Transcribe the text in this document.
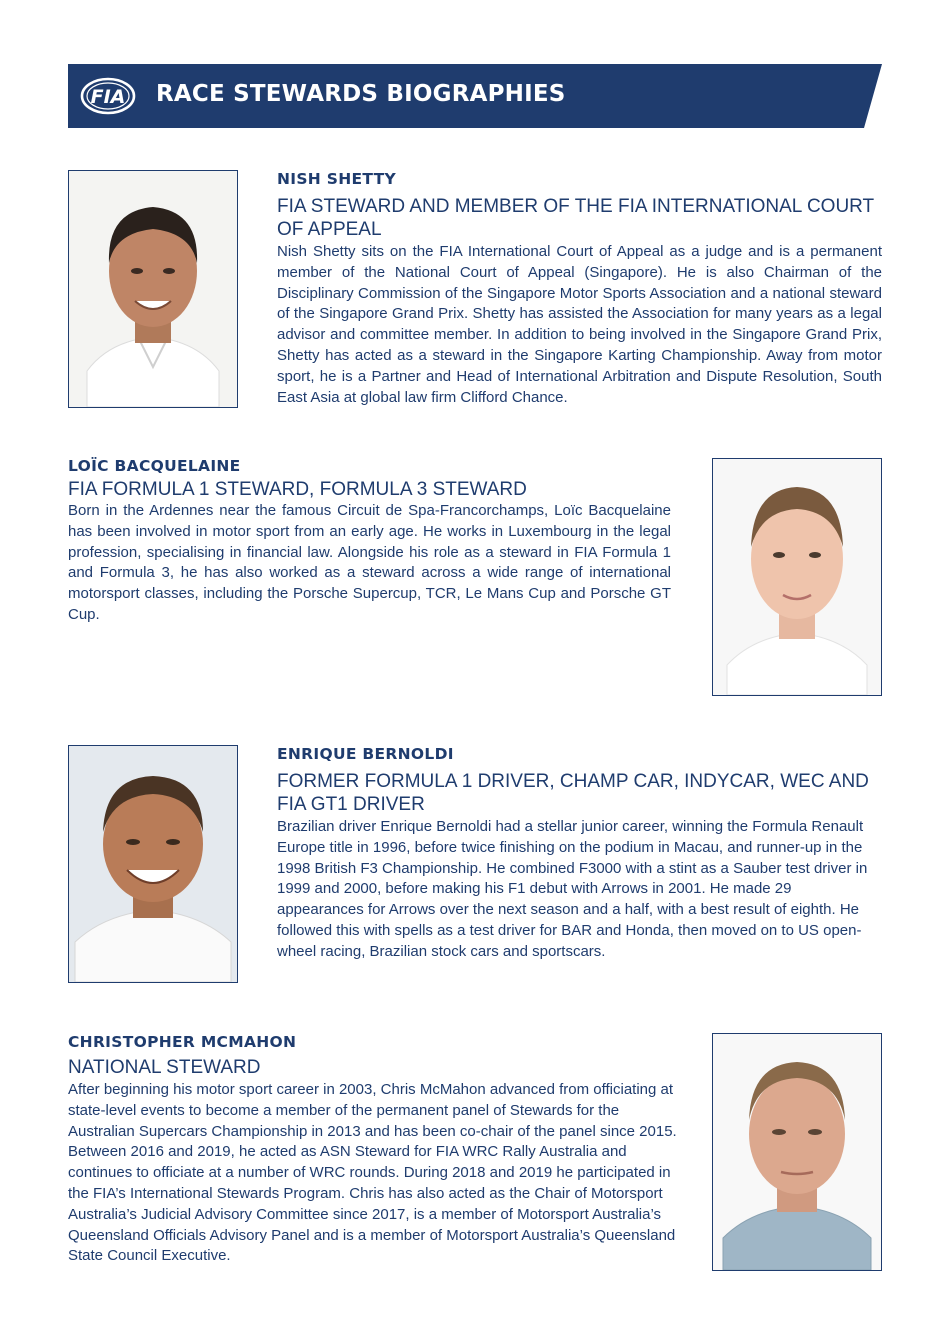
FIA RACE STEWARDS BIOGRAPHIES
NISH SHETTY
FIA STEWARD AND MEMBER OF THE FIA INTERNATIONAL COURT OF APPEAL
Nish Shetty sits on the FIA International Court of Appeal as a judge and is a permanent member of the National Court of Appeal (Singapore). He is also Chairman of the Disciplinary Commission of the Singapore Motor Sports Association and a national steward of the Singapore Grand Prix. Shetty has assisted the Association for many years as a legal advisor and committee member. In addition to being involved in the Singapore Grand Prix, Shetty has acted as a steward in the Singapore Karting Championship. Away from motor sport, he is a Partner and Head of International Arbitration and Dispute Resolution, South East Asia at global law firm Clifford Chance.
LOÏC BACQUELAINE
FIA FORMULA 1 STEWARD, FORMULA 3 STEWARD
Born in the Ardennes near the famous Circuit de Spa-Francorchamps, Loïc Bacquelaine has been involved in motor sport from an early age. He works in Luxembourg in the legal profession, specialising in financial law. Alongside his role as a steward in FIA Formula 1 and Formula 3, he has also worked as a steward across a wide range of international motorsport classes, including the Porsche Supercup, TCR, Le Mans Cup and Porsche GT Cup.
ENRIQUE BERNOLDI
FORMER FORMULA 1 DRIVER, CHAMP CAR, INDYCAR, WEC AND FIA GT1 DRIVER
Brazilian driver Enrique Bernoldi had a stellar junior career, winning the Formula Renault Europe title in 1996, before twice finishing on the podium in Macau, and runner-up in the 1998 British F3 Championship. He combined F3000 with a stint as a Sauber test driver in 1999 and 2000, before making his F1 debut with Arrows in 2001. He made 29 appearances for Arrows over the next season and a half, with a best result of eighth. He followed this with spells as a test driver for BAR and Honda, then moved on to US open-wheel racing, Brazilian stock cars and sportscars.
CHRISTOPHER MCMAHON
NATIONAL STEWARD
After beginning his motor sport career in 2003, Chris McMahon advanced from officiating at state-level events to become a member of the permanent panel of Stewards for the Australian Supercars Championship in 2013 and has been co-chair of the panel since 2015. Between 2016 and 2019, he acted as ASN Steward for FIA WRC Rally Australia and continues to officiate at a number of WRC rounds. During 2018 and 2019 he participated in the FIA’s International Stewards Program. Chris has also acted as the Chair of Motorsport Australia’s Judicial Advisory Committee since 2017, is a member of Motorsport Australia’s Queensland Officials Advisory Panel and is a member of Motorsport Australia’s Queensland State Council Executive.
